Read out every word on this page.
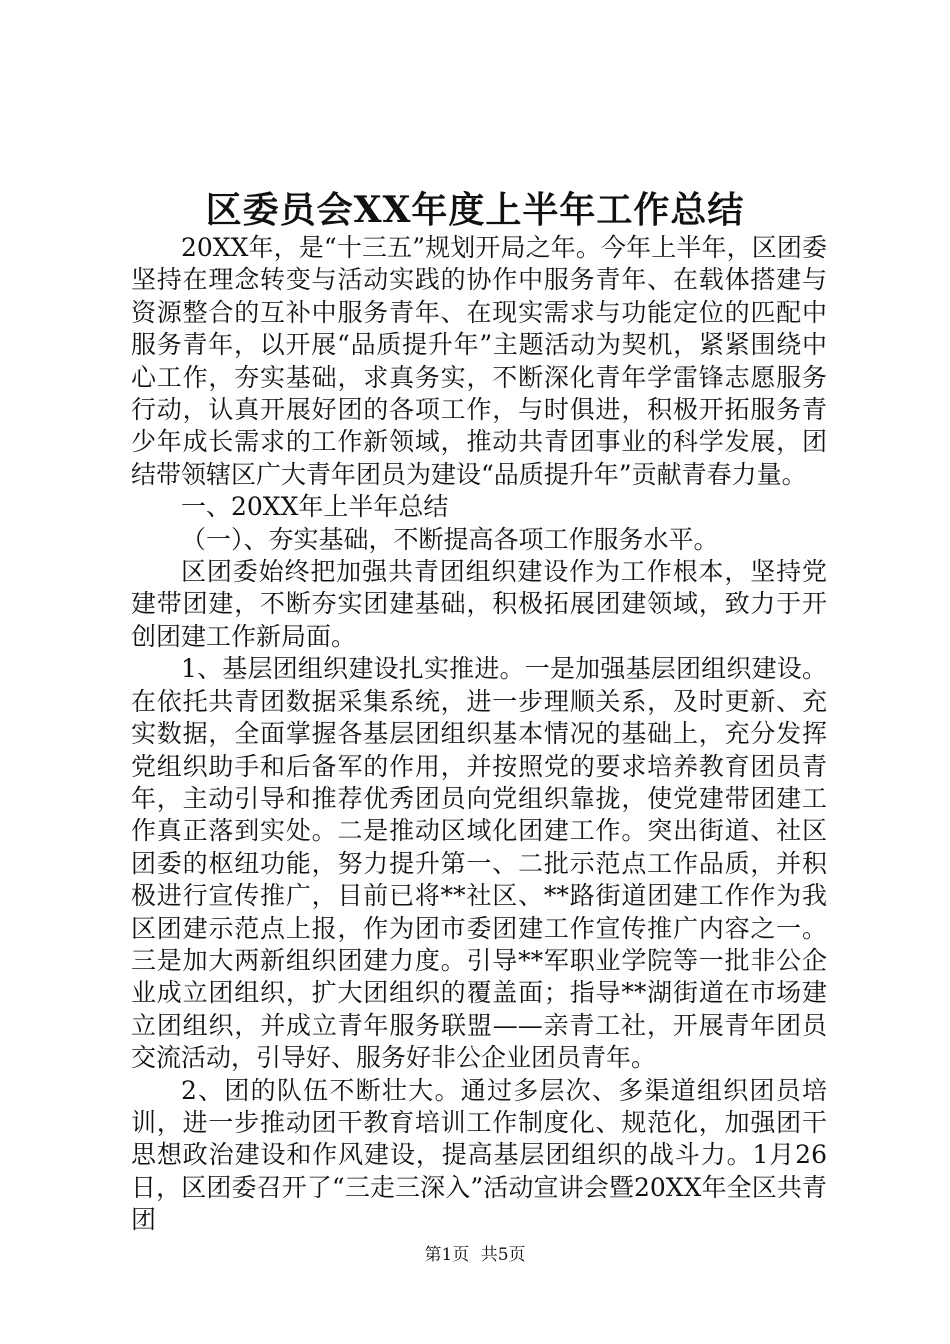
区委员会XX年度上半年工作总结

20XX年，是“十三五”规划开局之年。今年上半年，区团委坚持在理念转变与活动实践的协作中服务青年、在载体搭建与资源整合的互补中服务青年、在现实需求与功能定位的匹配中服务青年，以开展“品质提升年”主题活动为契机，紧紧围绕中心工作，夯实基础，求真务实，不断深化青年学雷锋志愿服务行动，认真开展好团的各项工作，与时俱进，积极开拓服务青少年成长需求的工作新领域，推动共青团事业的科学发展，团结带领辖区广大青年团员为建设“品质提升年”贡献青春力量。

一、20XX年上半年总结

（一）、夯实基础，不断提高各项工作服务水平。

区团委始终把加强共青团组织建设作为工作根本，坚持党建带团建，不断夯实团建基础，积极拓展团建领域，致力于开创团建工作新局面。

1、基层团组织建设扎实推进。一是加强基层团组织建设。在依托共青团数据采集系统，进一步理顺关系，及时更新、充实数据，全面掌握各基层团组织基本情况的基础上，充分发挥党组织助手和后备军的作用，并按照党的要求培养教育团员青年，主动引导和推荐优秀团员向党组织靠拢，使党建带团建工作真正落到实处。二是推动区域化团建工作。突出街道、社区团委的枢纽功能，努力提升第一、二批示范点工作品质，并积极进行宣传推广，目前已将**社区、**路街道团建工作作为我区团建示范点上报，作为团市委团建工作宣传推广内容之一。三是加大两新组织团建力度。引导**军职业学院等一批非公企业成立团组织，扩大团组织的覆盖面；指导**湖街道在市场建立团组织，并成立青年服务联盟——亲青工社，开展青年团员交流活动，引导好、服务好非公企业团员青年。

2、团的队伍不断壮大。通过多层次、多渠道组织团员培训，进一步推动团干教育培训工作制度化、规范化，加强团干思想政治建设和作风建设，提高基层团组织的战斗力。1月26日，区团委召开了“三走三深入”活动宣讲会暨20XX年全区共青团

第1页 共5页
